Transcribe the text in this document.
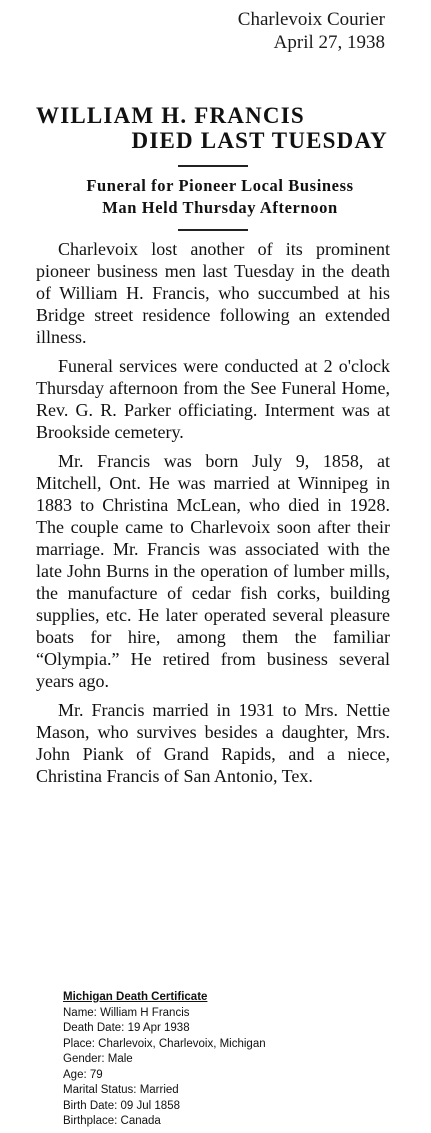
Charlevoix Courier
April 27, 1938
WILLIAM H. FRANCIS
DIED LAST TUESDAY
Funeral for Pioneer Local Business
Man Held Thursday Afternoon

Charlevoix lost another of its prominent pioneer business men last Tuesday in the death of William H. Francis, who succumbed at his Bridge street residence following an extended illness.

Funeral services were conducted at 2 o'clock Thursday afternoon from the See Funeral Home, Rev. G. R. Parker officiating. Interment was at Brookside cemetery.

Mr. Francis was born July 9, 1858, at Mitchell, Ont. He was married at Winnipeg in 1883 to Christina McLean, who died in 1928. The couple came to Charlevoix soon after their marriage. Mr. Francis was associated with the late John Burns in the operation of lumber mills, the manufacture of cedar fish corks, building supplies, etc. He later operated several pleasure boats for hire, among them the familiar “Olympia.” He retired from business several years ago.

Mr. Francis married in 1931 to Mrs. Nettie Mason, who survives besides a daughter, Mrs. John Piank of Grand Rapids, and a niece, Christina Francis of San Antonio, Tex.

Michigan Death Certificate
Name: William H Francis
Death Date: 19 Apr 1938
Place: Charlevoix, Charlevoix, Michigan
Gender: Male
Age: 79
Marital Status: Married
Birth Date: 09 Jul 1858
Birthplace: Canada
